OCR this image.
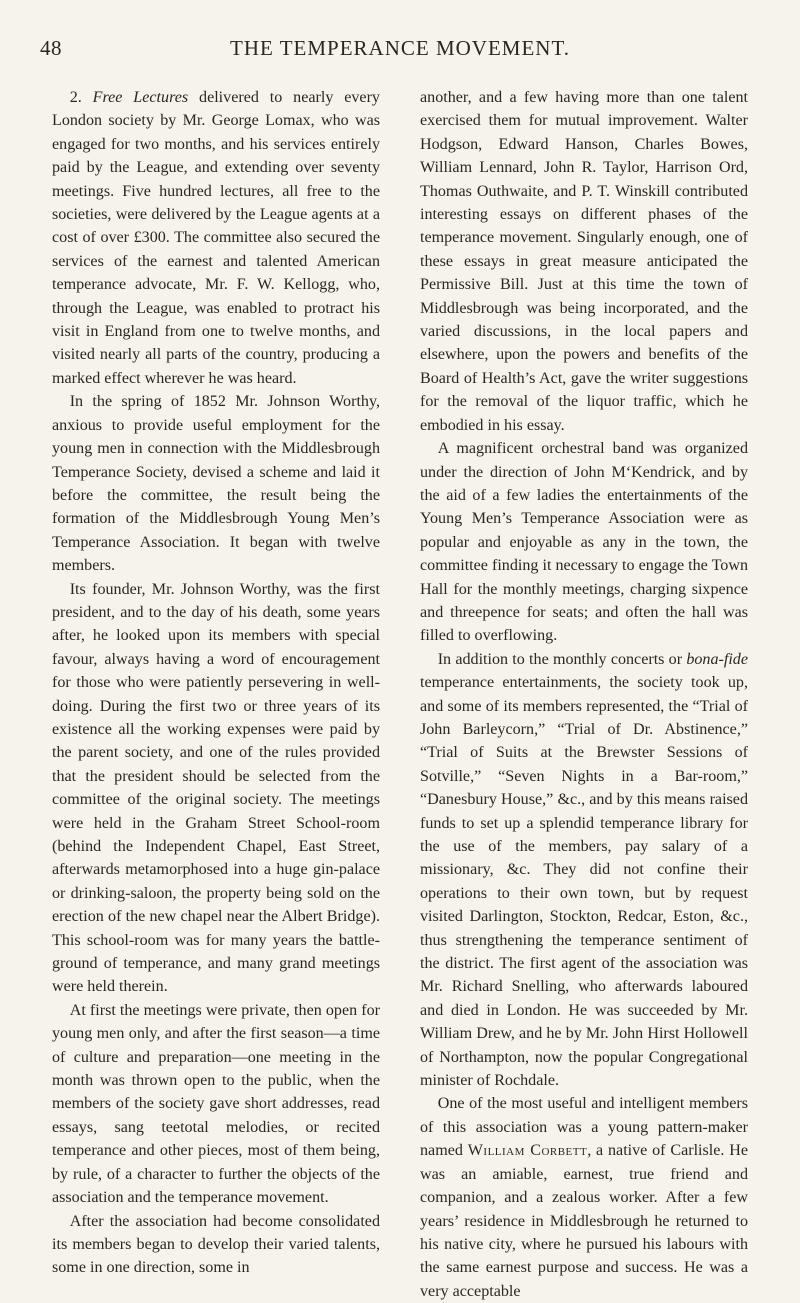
48	THE TEMPERANCE MOVEMENT.

2. Free Lectures delivered to nearly every London society by Mr. George Lomax, who was engaged for two months, and his services entirely paid by the League, and extending over seventy meetings. Five hundred lectures, all free to the societies, were delivered by the League agents at a cost of over £300. The committee also secured the services of the earnest and talented American temperance advocate, Mr. F. W. Kellogg, who, through the League, was enabled to protract his visit in England from one to twelve months, and visited nearly all parts of the country, producing a marked effect wherever he was heard.

In the spring of 1852 Mr. Johnson Worthy, anxious to provide useful employment for the young men in connection with the Middlesbrough Temperance Society, devised a scheme and laid it before the committee, the result being the formation of the Middlesbrough Young Men’s Temperance Association. It began with twelve members.

Its founder, Mr. Johnson Worthy, was the first president, and to the day of his death, some years after, he looked upon its members with special favour, always having a word of encouragement for those who were patiently persevering in well-doing. During the first two or three years of its existence all the working expenses were paid by the parent society, and one of the rules provided that the president should be selected from the committee of the original society. The meetings were held in the Graham Street School-room (behind the Independent Chapel, East Street, afterwards metamorphosed into a huge gin-palace or drinking-saloon, the property being sold on the erection of the new chapel near the Albert Bridge). This school-room was for many years the battle-ground of temperance, and many grand meetings were held therein.

At first the meetings were private, then open for young men only, and after the first season—a time of culture and preparation—one meeting in the month was thrown open to the public, when the members of the society gave short addresses, read essays, sang teetotal melodies, or recited temperance and other pieces, most of them being, by rule, of a character to further the objects of the association and the temperance movement.

After the association had become consolidated its members began to develop their varied talents, some in one direction, some in

another, and a few having more than one talent exercised them for mutual improvement. Walter Hodgson, Edward Hanson, Charles Bowes, William Lennard, John R. Taylor, Harrison Ord, Thomas Outhwaite, and P. T. Winskill contributed interesting essays on different phases of the temperance movement. Singularly enough, one of these essays in great measure anticipated the Permissive Bill. Just at this time the town of Middlesbrough was being incorporated, and the varied discussions, in the local papers and elsewhere, upon the powers and benefits of the Board of Health’s Act, gave the writer suggestions for the removal of the liquor traffic, which he embodied in his essay.

A magnificent orchestral band was organized under the direction of John M‘Kendrick, and by the aid of a few ladies the entertainments of the Young Men’s Temperance Association were as popular and enjoyable as any in the town, the committee finding it necessary to engage the Town Hall for the monthly meetings, charging sixpence and threepence for seats; and often the hall was filled to overflowing.

In addition to the monthly concerts or bona-fide temperance entertainments, the society took up, and some of its members represented, the “Trial of John Barleycorn,” “Trial of Dr. Abstinence,” “Trial of Suits at the Brewster Sessions of Sotville,” “Seven Nights in a Bar-room,” “Danesbury House,” &c., and by this means raised funds to set up a splendid temperance library for the use of the members, pay salary of a missionary, &c. They did not confine their operations to their own town, but by request visited Darlington, Stockton, Redcar, Eston, &c., thus strengthening the temperance sentiment of the district. The first agent of the association was Mr. Richard Snelling, who afterwards laboured and died in London. He was succeeded by Mr. William Drew, and he by Mr. John Hirst Hollowell of Northampton, now the popular Congregational minister of Rochdale.

One of the most useful and intelligent members of this association was a young pattern-maker named William Corbett, a native of Carlisle. He was an amiable, earnest, true friend and companion, and a zealous worker. After a few years’ residence in Middlesbrough he returned to his native city, where he pursued his labours with the same earnest purpose and success. He was a very acceptable
